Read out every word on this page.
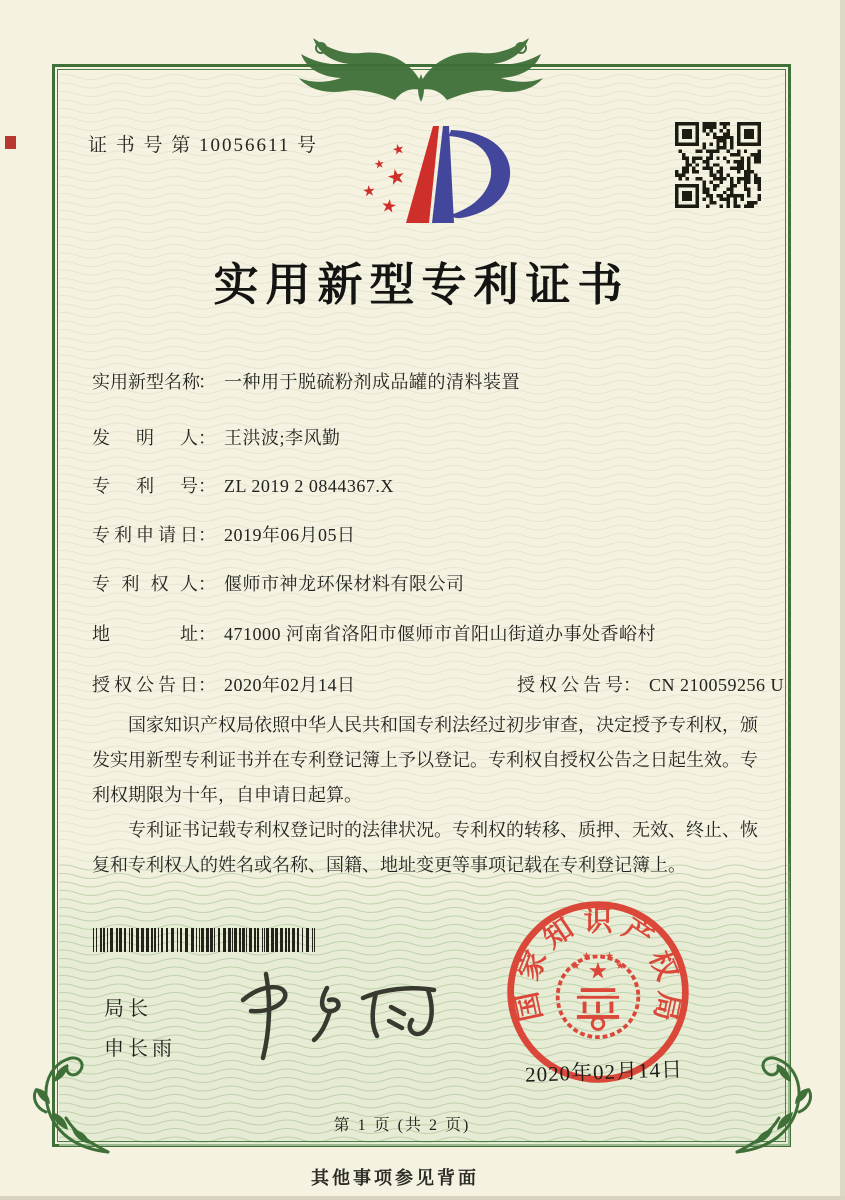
证 书 号 第 10056611 号	★
★
★
★
★
实用新型专利证书
实用新型名称： 一种用于脱硫粉剂成品罐的清料装置
发明人： 王洪波;李风勤
专利号： ZL 2019 2 0844367.X
专利申请日： 2019年06月05日
专利权人： 偃师市神龙环保材料有限公司
地址： 471000 河南省洛阳市偃师市首阳山街道办事处香峪村
授权公告日： 2020年02月14日	授权公告号： CN 210059256 U

国家知识产权局依照中华人民共和国专利法经过初步审查，决定授予专利权，颁发实用新型专利证书并在专利登记簿上予以登记。专利权自授权公告之日起生效。专利权期限为十年，自申请日起算。

专利证书记载专利权登记时的法律状况。专利权的转移、质押、无效、终止、恢复和专利权人的姓名或名称、国籍、地址变更等事项记载在专利登记簿上。

局长
申长雨
国
家
知 识 产
权
局
★
★
★ ★
★
2020年02月14日
第 1 页 (共 2 页)
其他事项参见背面
